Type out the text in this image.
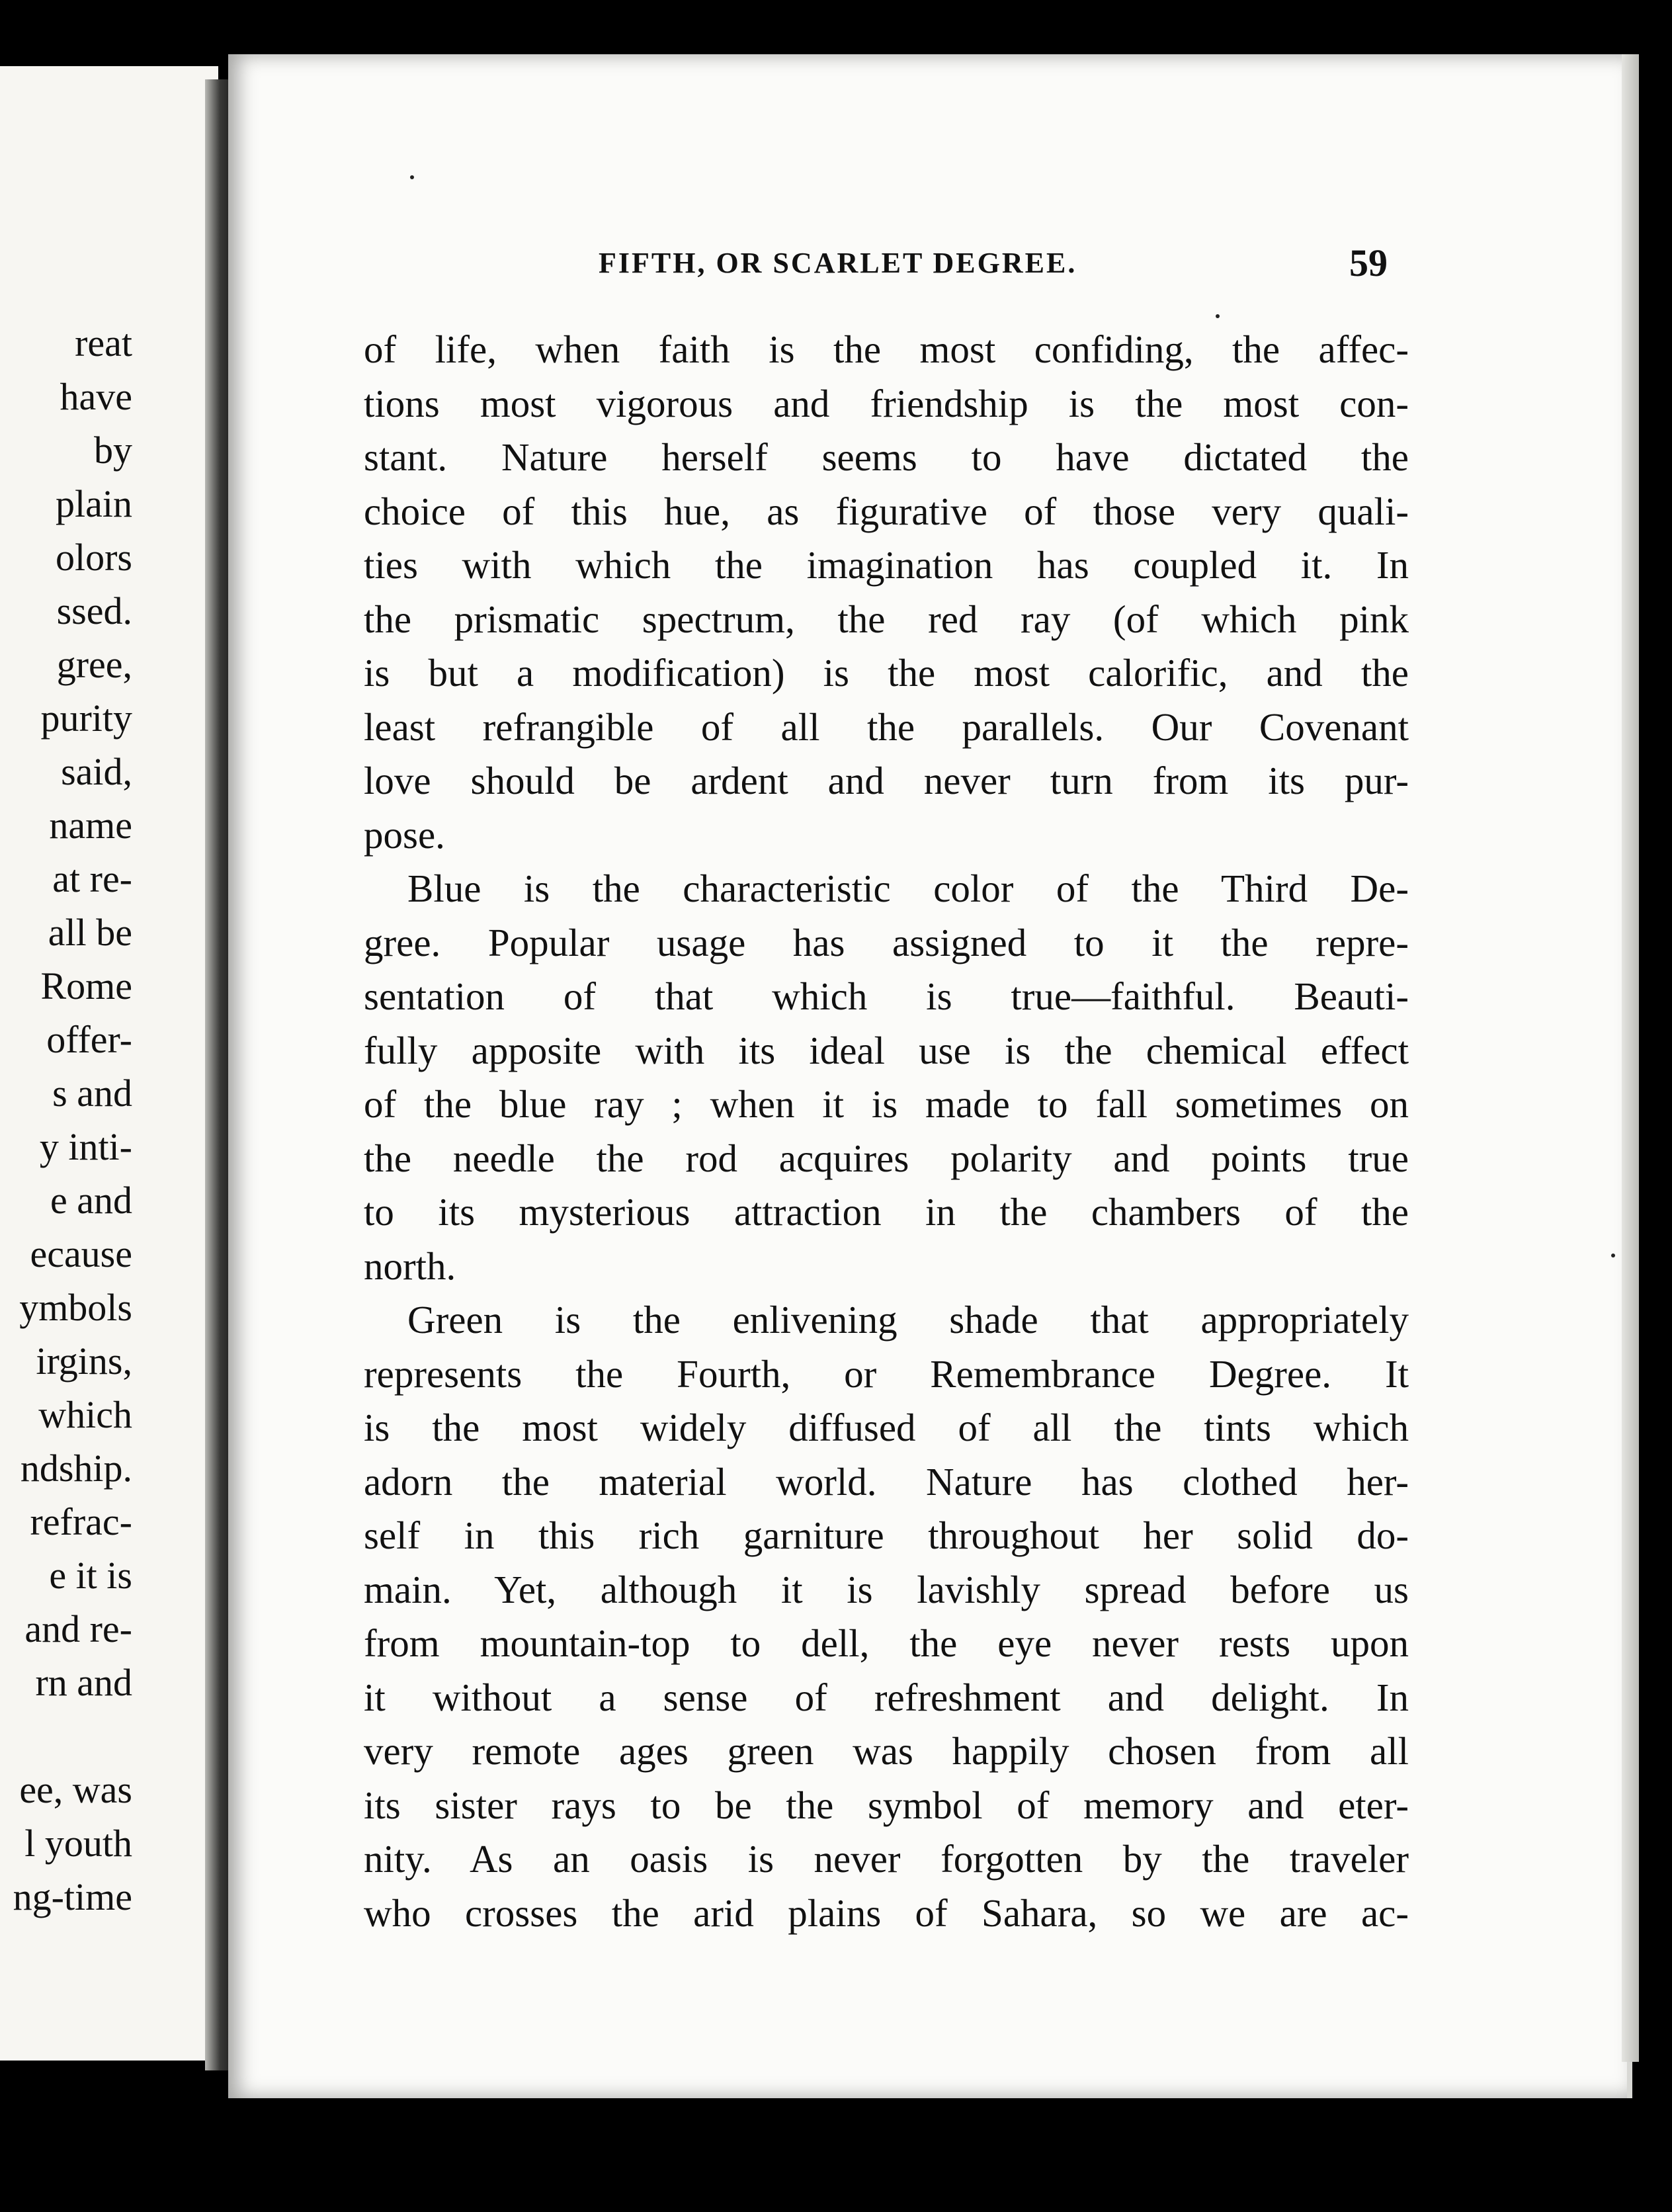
reat
have
by
plain
olors
ssed.
gree,
purity
said,
name
at re-
all be
Rome
offer-
s and
y inti-
e and
ecause
ymbols
irgins,
which
ndship.
refrac-
e it is
and re-
rn and
ee, was
l youth
ng-time
FIFTH, OR SCARLET DEGREE.	59
of life, when faith is the most confiding, the affec-
tions most vigorous and friendship is the most con-
stant. Nature herself seems to have dictated the
choice of this hue, as figurative of those very quali-
ties with which the imagination has coupled it. In
the prismatic spectrum, the red ray (of which pink
is but a modification) is the most calorific, and the
least refrangible of all the parallels. Our Covenant
love should be ardent and never turn from its pur-
pose.
Blue is the characteristic color of the Third De-
gree. Popular usage has assigned to it the repre-
sentation of that which is true—faithful. Beauti-
fully apposite with its ideal use is the chemical effect
of the blue ray ; when it is made to fall sometimes on
the needle the rod acquires polarity and points true
to its mysterious attraction in the chambers of the
north.
Green is the enlivening shade that appropriately
represents the Fourth, or Remembrance Degree. It
is the most widely diffused of all the tints which
adorn the material world. Nature has clothed her-
self in this rich garniture throughout her solid do-
main. Yet, although it is lavishly spread before us
from mountain-top to dell, the eye never rests upon
it without a sense of refreshment and delight. In
very remote ages green was happily chosen from all
its sister rays to be the symbol of memory and eter-
nity. As an oasis is never forgotten by the traveler
who crosses the arid plains of Sahara, so we are ac-
